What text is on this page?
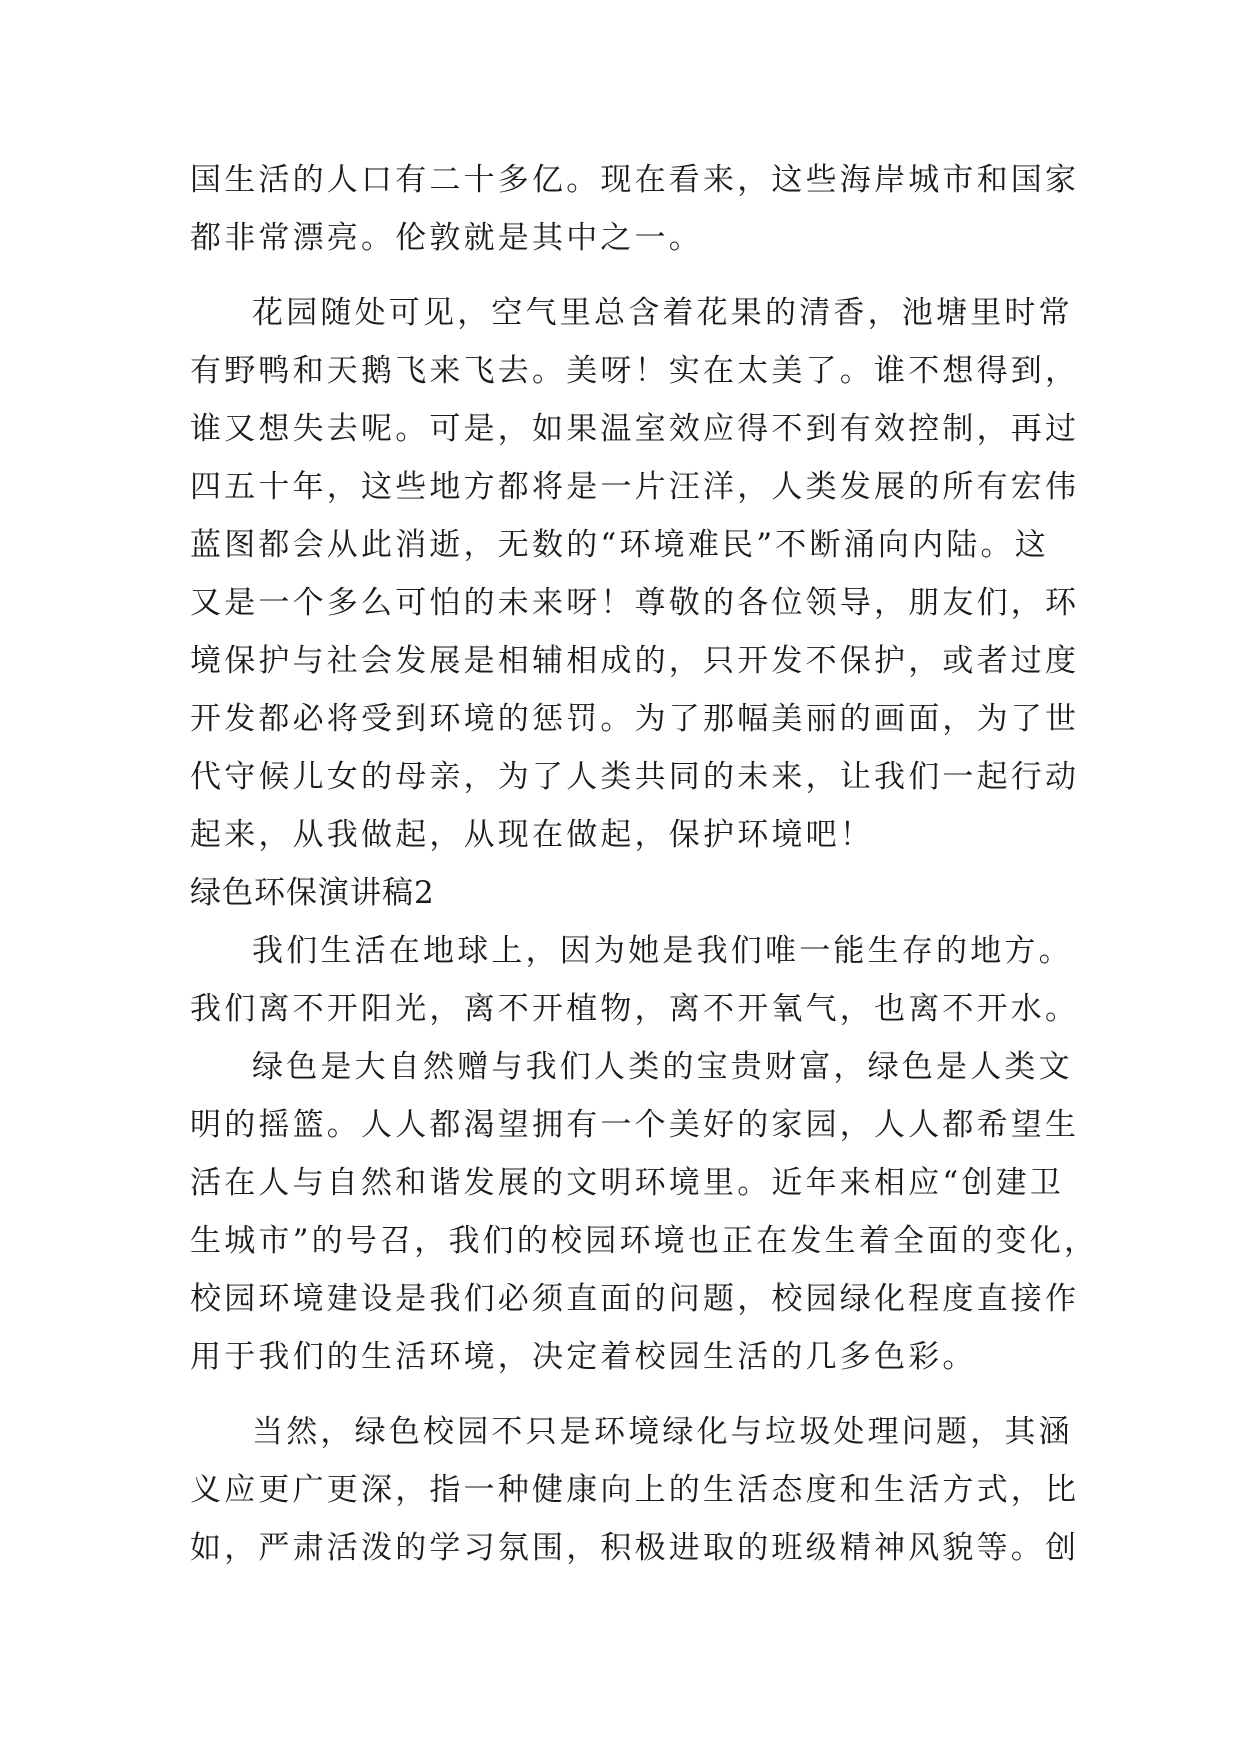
国生活的人口有二十多亿。现在看来，这些海岸城市和国家
都非常漂亮。伦敦就是其中之一。
花园随处可见，空气里总含着花果的清香，池塘里时常
有野鸭和天鹅飞来飞去。美呀！实在太美了。谁不想得到，
谁又想失去呢。可是，如果温室效应得不到有效控制，再过
四五十年，这些地方都将是一片汪洋，人类发展的所有宏伟
蓝图都会从此消逝，无数的“环境难民”不断涌向内陆。这
又是一个多么可怕的未来呀！尊敬的各位领导，朋友们，环
境保护与社会发展是相辅相成的，只开发不保护，或者过度
开发都必将受到环境的惩罚。为了那幅美丽的画面，为了世
代守候儿女的母亲，为了人类共同的未来，让我们一起行动
起来，从我做起，从现在做起，保护环境吧！
绿色环保演讲稿2
我们生活在地球上，因为她是我们唯一能生存的地方。
我们离不开阳光，离不开植物，离不开氧气，也离不开水。
绿色是大自然赠与我们人类的宝贵财富，绿色是人类文
明的摇篮。人人都渴望拥有一个美好的家园，人人都希望生
活在人与自然和谐发展的文明环境里。近年来相应“创建卫
生城市”的号召，我们的校园环境也正在发生着全面的变化，
校园环境建设是我们必须直面的问题，校园绿化程度直接作
用于我们的生活环境，决定着校园生活的几多色彩。
当然，绿色校园不只是环境绿化与垃圾处理问题，其涵
义应更广更深，指一种健康向上的生活态度和生活方式，比
如，严肃活泼的学习氛围，积极进取的班级精神风貌等。创
